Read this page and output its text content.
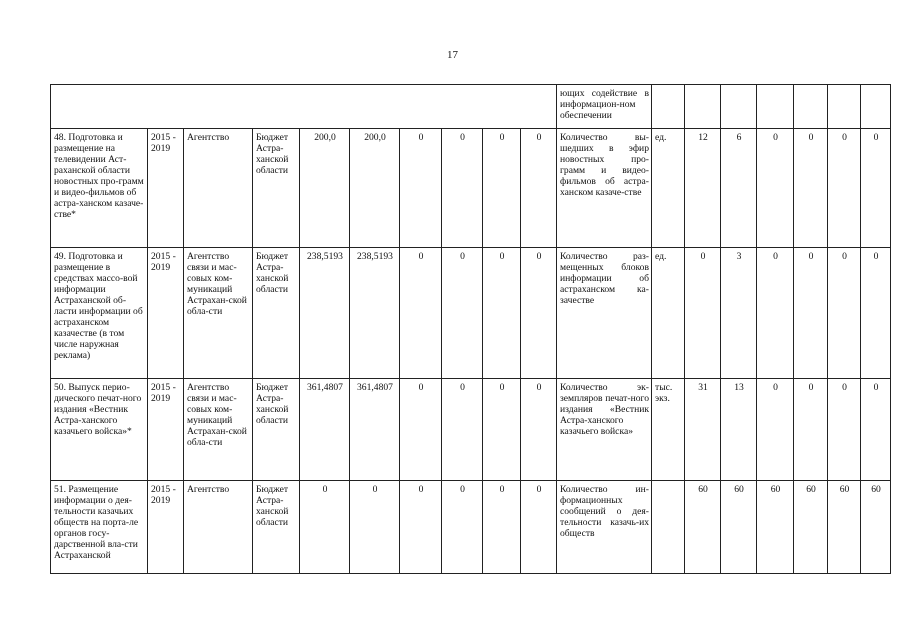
17
										ющих содействие в информацион-ном обеспечении							
48. Подготовка и размещение на телевидении Аст-раханской области новостных про-грамм и видео-фильмов об астра-ханском казаче-стве*	2015 - 2019	Агентство	Бюджет Астра-ханской области	200,0	200,0	0	0	0	0	Количество вы-шедших в эфир новостных про-грамм и видео-фильмов об астра-ханском казаче-стве	ед.	12	6	0	0	0	0
49. Подготовка и размещение в средствах массо-вой информации Астраханской об-ласти информации об астраханском казачестве (в том числе наружная реклама)	2015 - 2019	Агентство связи и мас-совых ком-муникаций Астрахан-ской обла-сти	Бюджет Астра-ханской области	238,5193	238,5193	0	0	0	0	Количество раз-мещенных блоков информации об астраханском ка-зачестве	ед.	0	3	0	0	0	0
50. Выпуск перио-дического печат-ного издания «Вестник Астра-ханского казачьего войска»*	2015 - 2019	Агентство связи и мас-совых ком-муникаций Астрахан-ской обла-сти	Бюджет Астра-ханской области	361,4807	361,4807	0	0	0	0	Количество эк-земпляров печат-ного издания «Вестник Астра-ханского казачьего войска»	тыс. экз.	31	13	0	0	0	0
51. Размещение информации о дея-тельности казачьих обществ на порта-ле органов госу-дарственной вла-сти Астраханской	2015 - 2019	Агентство	Бюджет Астра-ханской области	0	0	0	0	0	0	Количество ин-формационных сообщений о дея-тельности казачь-их обществ		60	60	60	60	60	60
